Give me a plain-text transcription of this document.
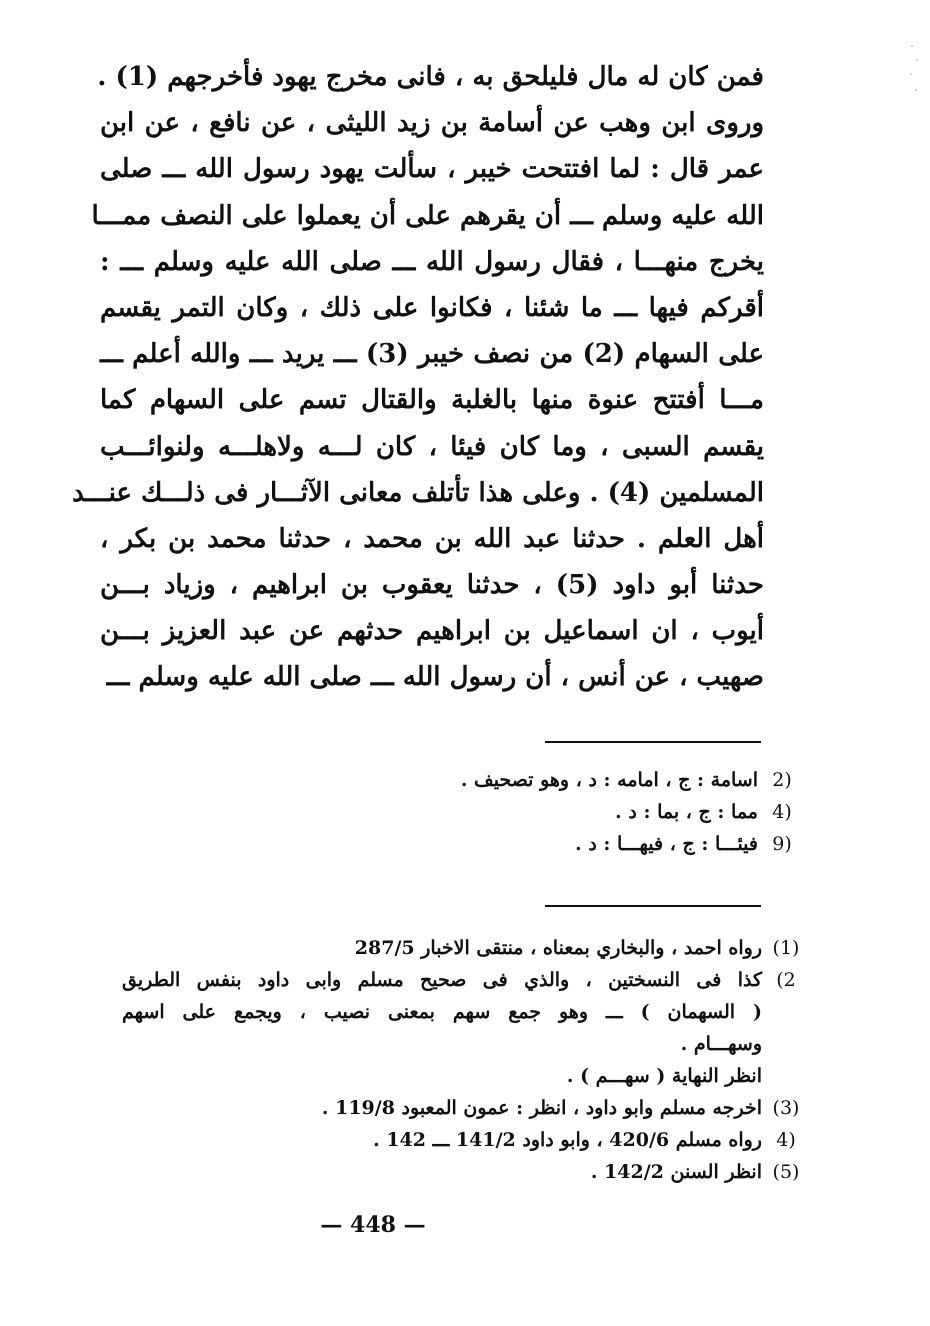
فمن كان له مال فليلحق به ، فانى مخرج يهود فأخرجهم (1) .
وروى ابن وهب عن أسامة بن زيد الليثى ، عن نافع ، عن ابن
عمر قال : لما افتتحت خيبر ، سألت يهود رسول الله ـــ صلى
الله عليه وسلم ـــ أن يقرهم على أن يعملوا على النصف ممـــا
يخرج منهـــا ، فقال رسول الله ـــ صلى الله عليه وسلم ـــ :
أقركم فيها ـــ ما شئنا ، فكانوا على ذلك ، وكان التمر يقسم
على السهام (2) من نصف خيبر (3) ـــ يريد ـــ والله أعلم ـــ
مـــا أفتتح عنوة منها بالغلبة والقتال تسم على السهام كما
يقسم السبى ، وما كان فيئا ، كان لـــه ولاهلـــه ولنوائـــب
المسلمين (4) . وعلى هذا تأتلف معانى الآثـــار فى ذلـــك عنـــد
أهل العلم . حدثنا عبد الله بن محمد ، حدثنا محمد بن بكر ،
حدثنا أبو داود (5) ، حدثنا يعقوب بن ابراهيم ، وزياد بـــن
أيوب ، ان اسماعيل بن ابراهيم حدثهم عن عبد العزيز بـــن
صهيب ، عن أنس ، أن رسول الله ـــ صلى الله عليه وسلم ـــ
2)
اسامة : ج ، امامه : د ، وهو تصحيف .
4)
مما : ج ، بما : د .
9)
فيئـــا : ج ، فيهـــا : د .
(1)
رواه احمد ، والبخاري بمعناه ، منتقى الاخبار 287/5
(2
كذا فى النسختين ، والذي فى صحيح مسلم وابى داود بنفس الطريق
( السهمان ) ـــ وهو جمع سهم بمعنى نصيب ، ويجمع على اسهم
وسهـــام .
انظر النهاية ( سهـــم ) .
(3)
اخرجه مسلم وابو داود ، انظر : عمون المعبود 119/8 .
4)
رواه مسلم 420/6 ، وابو داود 141/2 ـــ 142 .
(5)
انظر السنن 142/2 .
— 448 —
